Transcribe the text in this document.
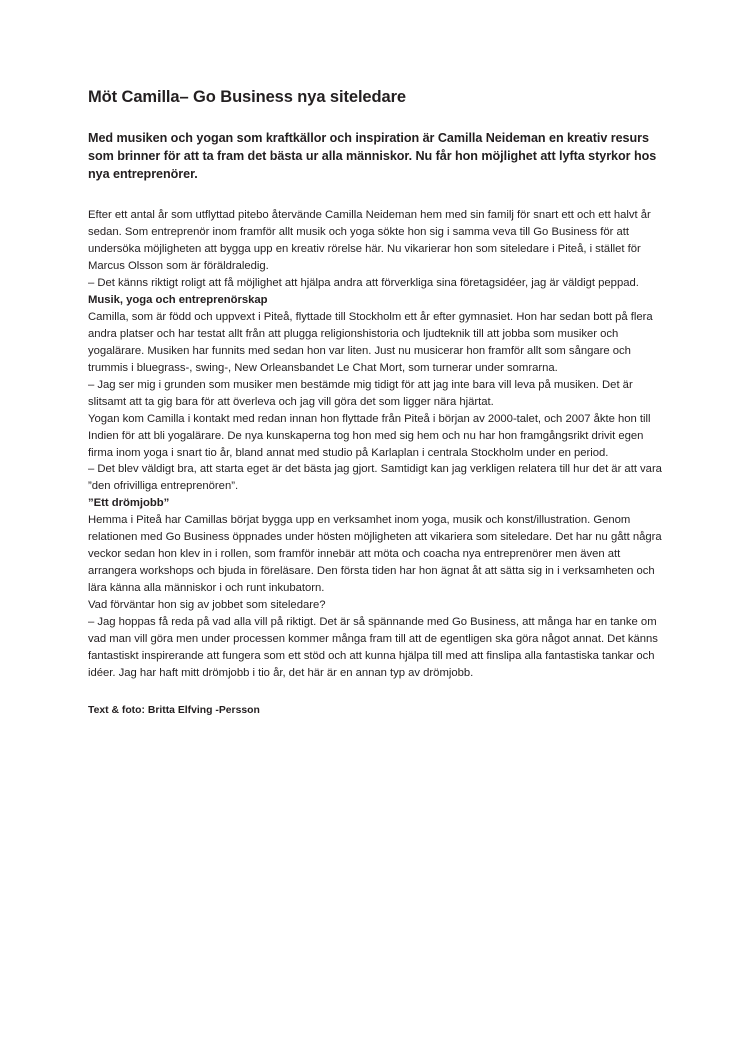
Möt Camilla– Go Business nya siteledare

Med musiken och yogan som kraftkällor och inspiration är Camilla Neideman en kreativ resurs som brinner för att ta fram det bästa ur alla människor. Nu får hon möjlighet att lyfta styrkor hos nya entreprenörer.

Efter ett antal år som utflyttad pitebo återvände Camilla Neideman hem med sin familj för snart ett och ett halvt år sedan. Som entreprenör inom framför allt musik och yoga sökte hon sig i samma veva till Go Business för att undersöka möjligheten att bygga upp en kreativ rörelse här. Nu vikarierar hon som siteledare i Piteå, i stället för Marcus Olsson som är föräldraledig.

– Det känns riktigt roligt att få möjlighet att hjälpa andra att förverkliga sina företagsidéer, jag är väldigt peppad.

Musik, yoga och entreprenörskap

Camilla, som är född och uppvext i Piteå, flyttade till Stockholm ett år efter gymnasiet. Hon har sedan bott på flera andra platser och har testat allt från att plugga religionshistoria och ljudteknik till att jobba som musiker och yogalärare. Musiken har funnits med sedan hon var liten. Just nu musicerar hon framför allt som sångare och trummis i bluegrass-, swing-, New Orleansbandet Le Chat Mort, som turnerar under somrarna.

– Jag ser mig i grunden som musiker men bestämde mig tidigt för att jag inte bara vill leva på musiken. Det är slitsamt att ta gig bara för att överleva och jag vill göra det som ligger nära hjärtat.

Yogan kom Camilla i kontakt med redan innan hon flyttade från Piteå i början av 2000-talet, och 2007 åkte hon till Indien för att bli yogalärare. De nya kunskaperna tog hon med sig hem och nu har hon framgångsrikt drivit egen firma inom yoga i snart tio år, bland annat med studio på Karlaplan i centrala Stockholm under en period.

– Det blev väldigt bra, att starta eget är det bästa jag gjort. Samtidigt kan jag verkligen relatera till hur det är att vara ”den ofrivilliga entreprenören”.

”Ett drömjobb”

Hemma i Piteå har Camillas börjat bygga upp en verksamhet inom yoga, musik och konst/illustration. Genom relationen med Go Business öppnades under hösten möjligheten att vikariera som siteledare. Det har nu gått några veckor sedan hon klev in i rollen, som framför innebär att möta och coacha nya entreprenörer men även att arrangera workshops och bjuda in föreläsare. Den första tiden har hon ägnat åt att sätta sig in i verksamheten och lära känna alla människor i och runt inkubatorn.

Vad förväntar hon sig av jobbet som siteledare?

– Jag hoppas få reda på vad alla vill på riktigt. Det är så spännande med Go Business, att många har en tanke om vad man vill göra men under processen kommer många fram till att de egentligen ska göra något annat. Det känns fantastiskt inspirerande att fungera som ett stöd och att kunna hjälpa till med att finslipa alla fantastiska tankar och idéer. Jag har haft mitt drömjobb i tio år, det här är en annan typ av drömjobb.

Text & foto: Britta Elfving -Persson
